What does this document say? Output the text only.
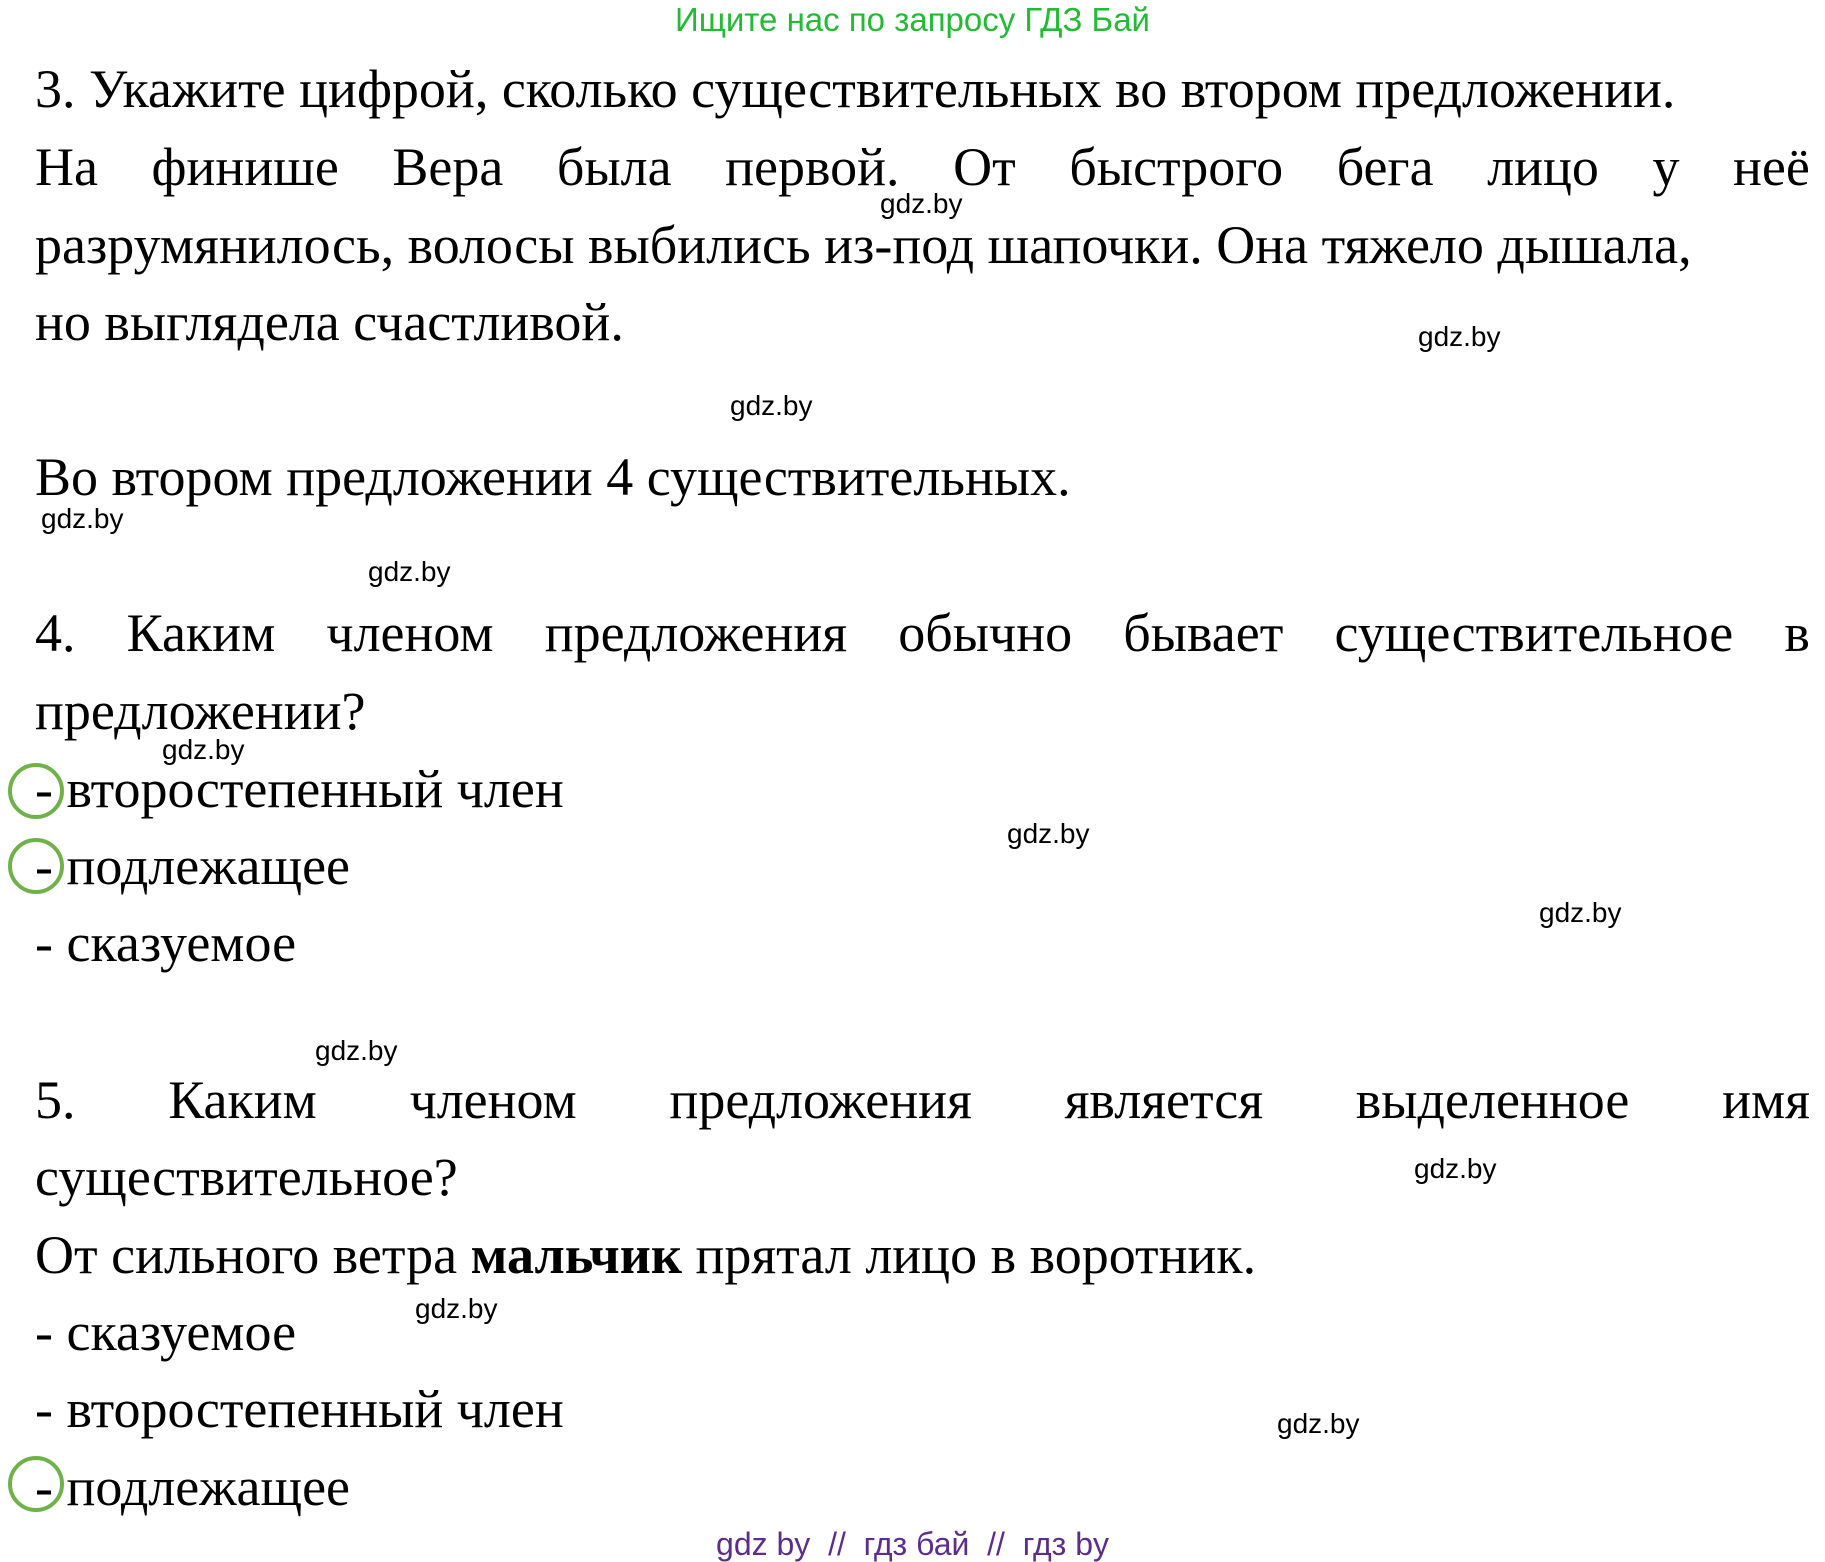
Ищите нас по запросу ГДЗ Бай
3. Укажите цифрой, сколько существительных во втором предложении.
На финише Вера была первой. От быстрого бега лицо у неё
разрумянилось, волосы выбились из-под шапочки. Она тяжело дышала,
но выглядела счастливой.
Во втором предложении 4 существительных.
4. Каким членом предложения обычно бывает существительное в
предложении?
- второстепенный член
- подлежащее
- сказуемое
5. Каким членом предложения является выделенное имя
существительное?
От сильного ветра мальчик прятал лицо в воротник.
- сказуемое
- второстепенный член
- подлежащее
gdz.by
gdz.by
gdz.by
gdz.by
gdz.by
gdz.by
gdz.by
gdz.by
gdz.by
gdz.by
gdz.by
gdz.by
gdz by  //  гдз бай  //  гдз by
